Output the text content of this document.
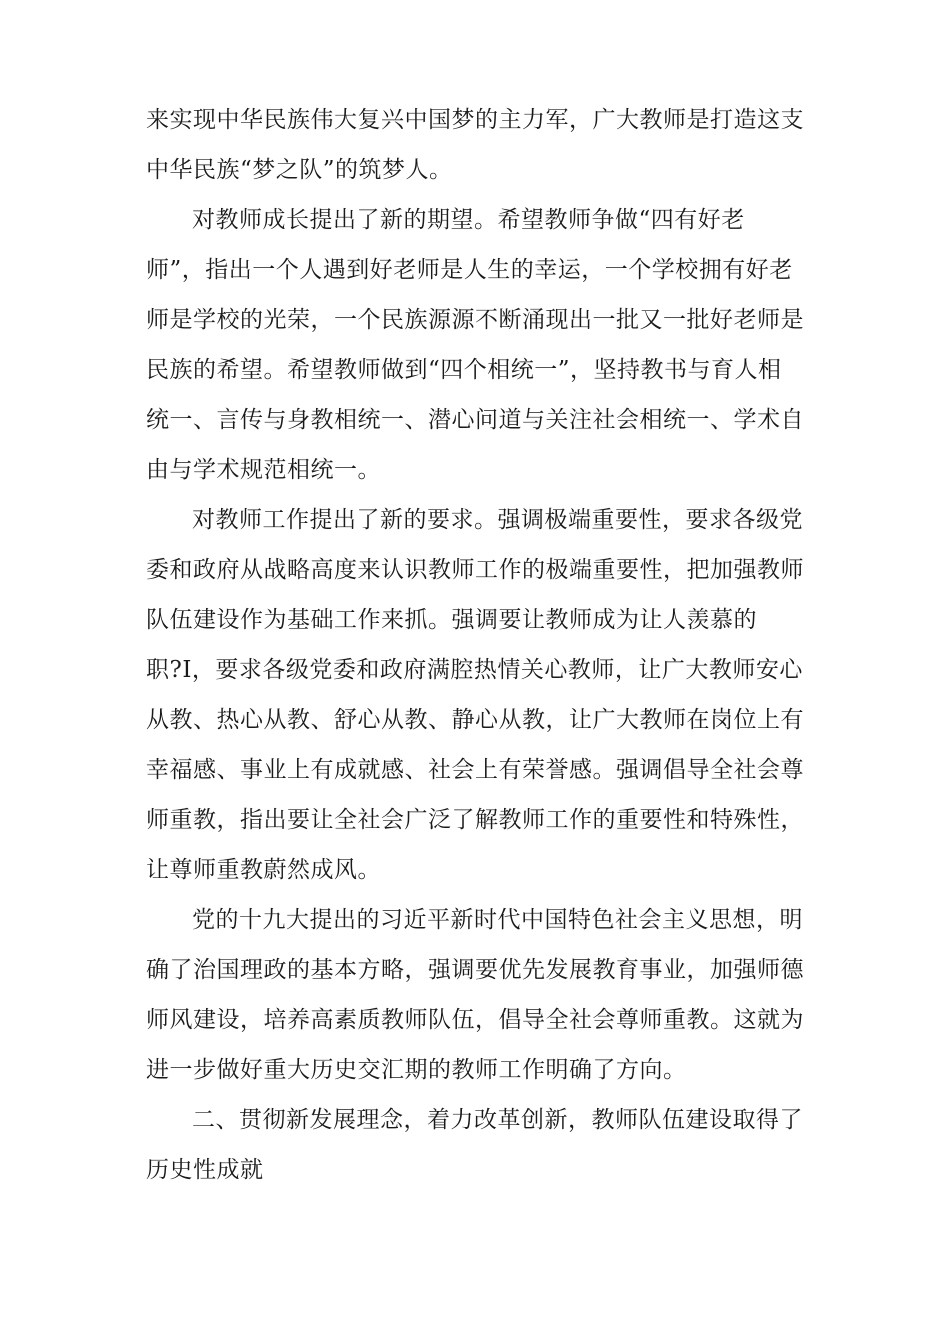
来实现中华民族伟大复兴中国梦的主力军，广大教师是打造这支
中华民族“梦之队”的筑梦人。
对教师成长提出了新的期望。希望教师争做“四有好老
师”，指出一个人遇到好老师是人生的幸运，一个学校拥有好老
师是学校的光荣，一个民族源源不断涌现出一批又一批好老师是
民族的希望。希望教师做到“四个相统一”，坚持教书与育人相
统一、言传与身教相统一、潜心问道与关注社会相统一、学术自
由与学术规范相统一。
对教师工作提出了新的要求。强调极端重要性，要求各级党
委和政府从战略高度来认识教师工作的极端重要性，把加强教师
队伍建设作为基础工作来抓。强调要让教师成为让人羡慕的
职?I，要求各级党委和政府满腔热情关心教师，让广大教师安心
从教、热心从教、舒心从教、静心从教，让广大教师在岗位上有
幸福感、事业上有成就感、社会上有荣誉感。强调倡导全社会尊
师重教，指出要让全社会广泛了解教师工作的重要性和特殊性，
让尊师重教蔚然成风。
党的十九大提出的习近平新时代中国特色社会主义思想，明
确了治国理政的基本方略，强调要优先发展教育事业，加强师德
师风建设，培养高素质教师队伍，倡导全社会尊师重教。这就为
进一步做好重大历史交汇期的教师工作明确了方向。
二、贯彻新发展理念，着力改革创新，教师队伍建设取得了
历史性成就
